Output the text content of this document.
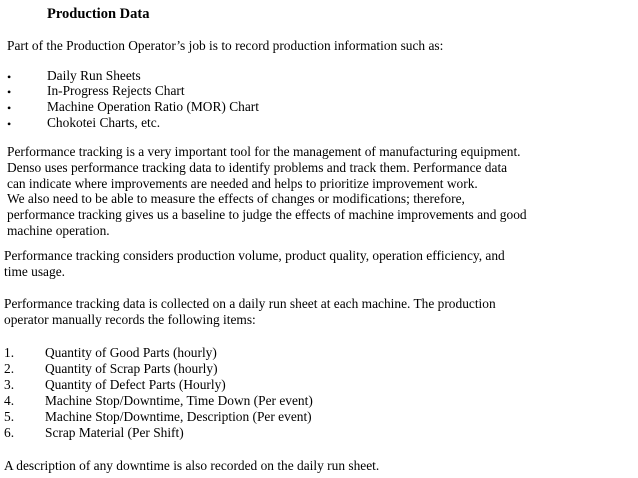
Production Data
Part of the Production Operator’s job is to record production information such as:
•	Daily Run Sheets
•	In-Progress Rejects Chart
•	Machine Operation Ratio (MOR) Chart
•	Chokotei Charts, etc.
Performance tracking is a very important tool for the management of manufacturing equipment.
Denso uses performance tracking data to identify problems and track them. Performance data
can indicate where improvements are needed and helps to prioritize improvement work.
We also need to be able to measure the effects of changes or modifications; therefore,
performance tracking gives us a baseline to judge the effects of machine improvements and good
machine operation.
Performance tracking considers production volume, product quality, operation efficiency, and
time usage.
Performance tracking data is collected on a daily run sheet at each machine. The production
operator manually records the following items:
1. Quantity of Good Parts (hourly)
2. Quantity of Scrap Parts (hourly)
3. Quantity of Defect Parts (Hourly)
4. Machine Stop/Downtime, Time Down (Per event)
5. Machine Stop/Downtime, Description (Per event)
6. Scrap Material (Per Shift)
A description of any downtime is also recorded on the daily run sheet.
